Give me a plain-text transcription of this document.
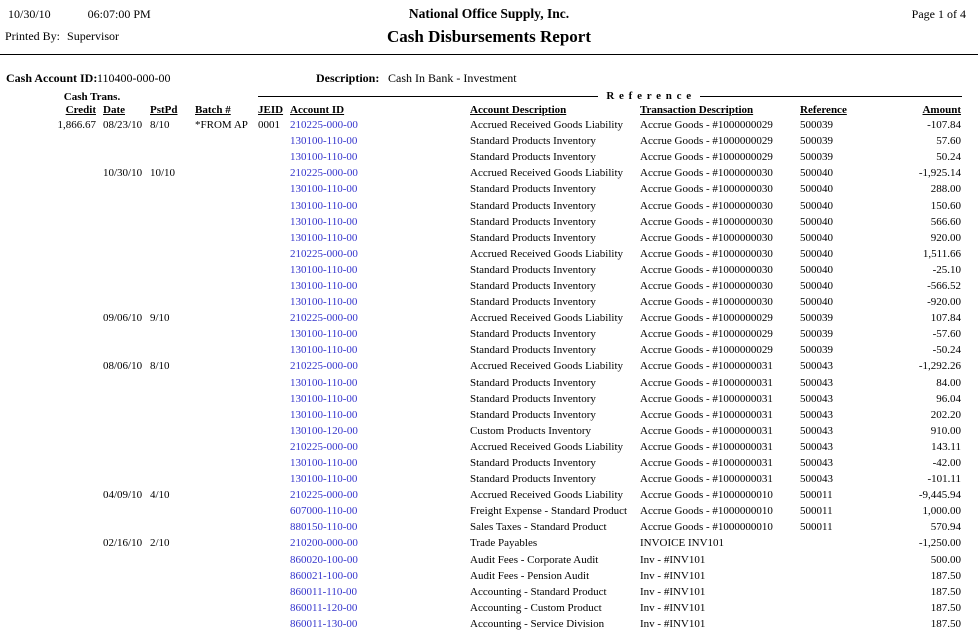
10/30/10	06:07:00 PM
Printed By: Supervisor
National Office Supply, Inc.
Cash Disbursements Report
Page 1 of 4
Cash Account ID: 110400-000-00	Description: Cash In Bank - Investment
Cash Trans.	R e f e r e n c e
Credit	Date	PstPd	Batch #	JEID	Account ID	Account Description	Transaction Description	Reference	Amount
1,866.67	08/23/10	8/10	*FROM AP	0001	210225-000-00	Accrued Received Goods Liability	Accrue Goods - #1000000029	500039	-107.84
					130100-110-00	Standard Products Inventory	Accrue Goods - #1000000029	500039	57.60
					130100-110-00	Standard Products Inventory	Accrue Goods - #1000000029	500039	50.24
	10/30/10	10/10			210225-000-00	Accrued Received Goods Liability	Accrue Goods - #1000000030	500040	-1,925.14
					130100-110-00	Standard Products Inventory	Accrue Goods - #1000000030	500040	288.00
					130100-110-00	Standard Products Inventory	Accrue Goods - #1000000030	500040	150.60
					130100-110-00	Standard Products Inventory	Accrue Goods - #1000000030	500040	566.60
					130100-110-00	Standard Products Inventory	Accrue Goods - #1000000030	500040	920.00
					210225-000-00	Accrued Received Goods Liability	Accrue Goods - #1000000030	500040	1,511.66
					130100-110-00	Standard Products Inventory	Accrue Goods - #1000000030	500040	-25.10
					130100-110-00	Standard Products Inventory	Accrue Goods - #1000000030	500040	-566.52
					130100-110-00	Standard Products Inventory	Accrue Goods - #1000000030	500040	-920.00
	09/06/10	9/10			210225-000-00	Accrued Received Goods Liability	Accrue Goods - #1000000029	500039	107.84
					130100-110-00	Standard Products Inventory	Accrue Goods - #1000000029	500039	-57.60
					130100-110-00	Standard Products Inventory	Accrue Goods - #1000000029	500039	-50.24
	08/06/10	8/10			210225-000-00	Accrued Received Goods Liability	Accrue Goods - #1000000031	500043	-1,292.26
					130100-110-00	Standard Products Inventory	Accrue Goods - #1000000031	500043	84.00
					130100-110-00	Standard Products Inventory	Accrue Goods - #1000000031	500043	96.04
					130100-110-00	Standard Products Inventory	Accrue Goods - #1000000031	500043	202.20
					130100-120-00	Custom Products Inventory	Accrue Goods - #1000000031	500043	910.00
					210225-000-00	Accrued Received Goods Liability	Accrue Goods - #1000000031	500043	143.11
					130100-110-00	Standard Products Inventory	Accrue Goods - #1000000031	500043	-42.00
					130100-110-00	Standard Products Inventory	Accrue Goods - #1000000031	500043	-101.11
	04/09/10	4/10			210225-000-00	Accrued Received Goods Liability	Accrue Goods - #1000000010	500011	-9,445.94
					607000-110-00	Freight Expense - Standard Product	Accrue Goods - #1000000010	500011	1,000.00
					880150-110-00	Sales Taxes - Standard Product	Accrue Goods - #1000000010	500011	570.94
	02/16/10	2/10			210200-000-00	Trade Payables	INVOICE INV101		-1,250.00
					860020-100-00	Audit Fees - Corporate Audit	Inv - #INV101		500.00
					860021-100-00	Audit Fees - Pension Audit	Inv - #INV101		187.50
					860011-110-00	Accounting - Standard Product	Inv - #INV101		187.50
					860011-120-00	Accounting - Custom Product	Inv - #INV101		187.50
					860011-130-00	Accounting - Service Division	Inv - #INV101		187.50
